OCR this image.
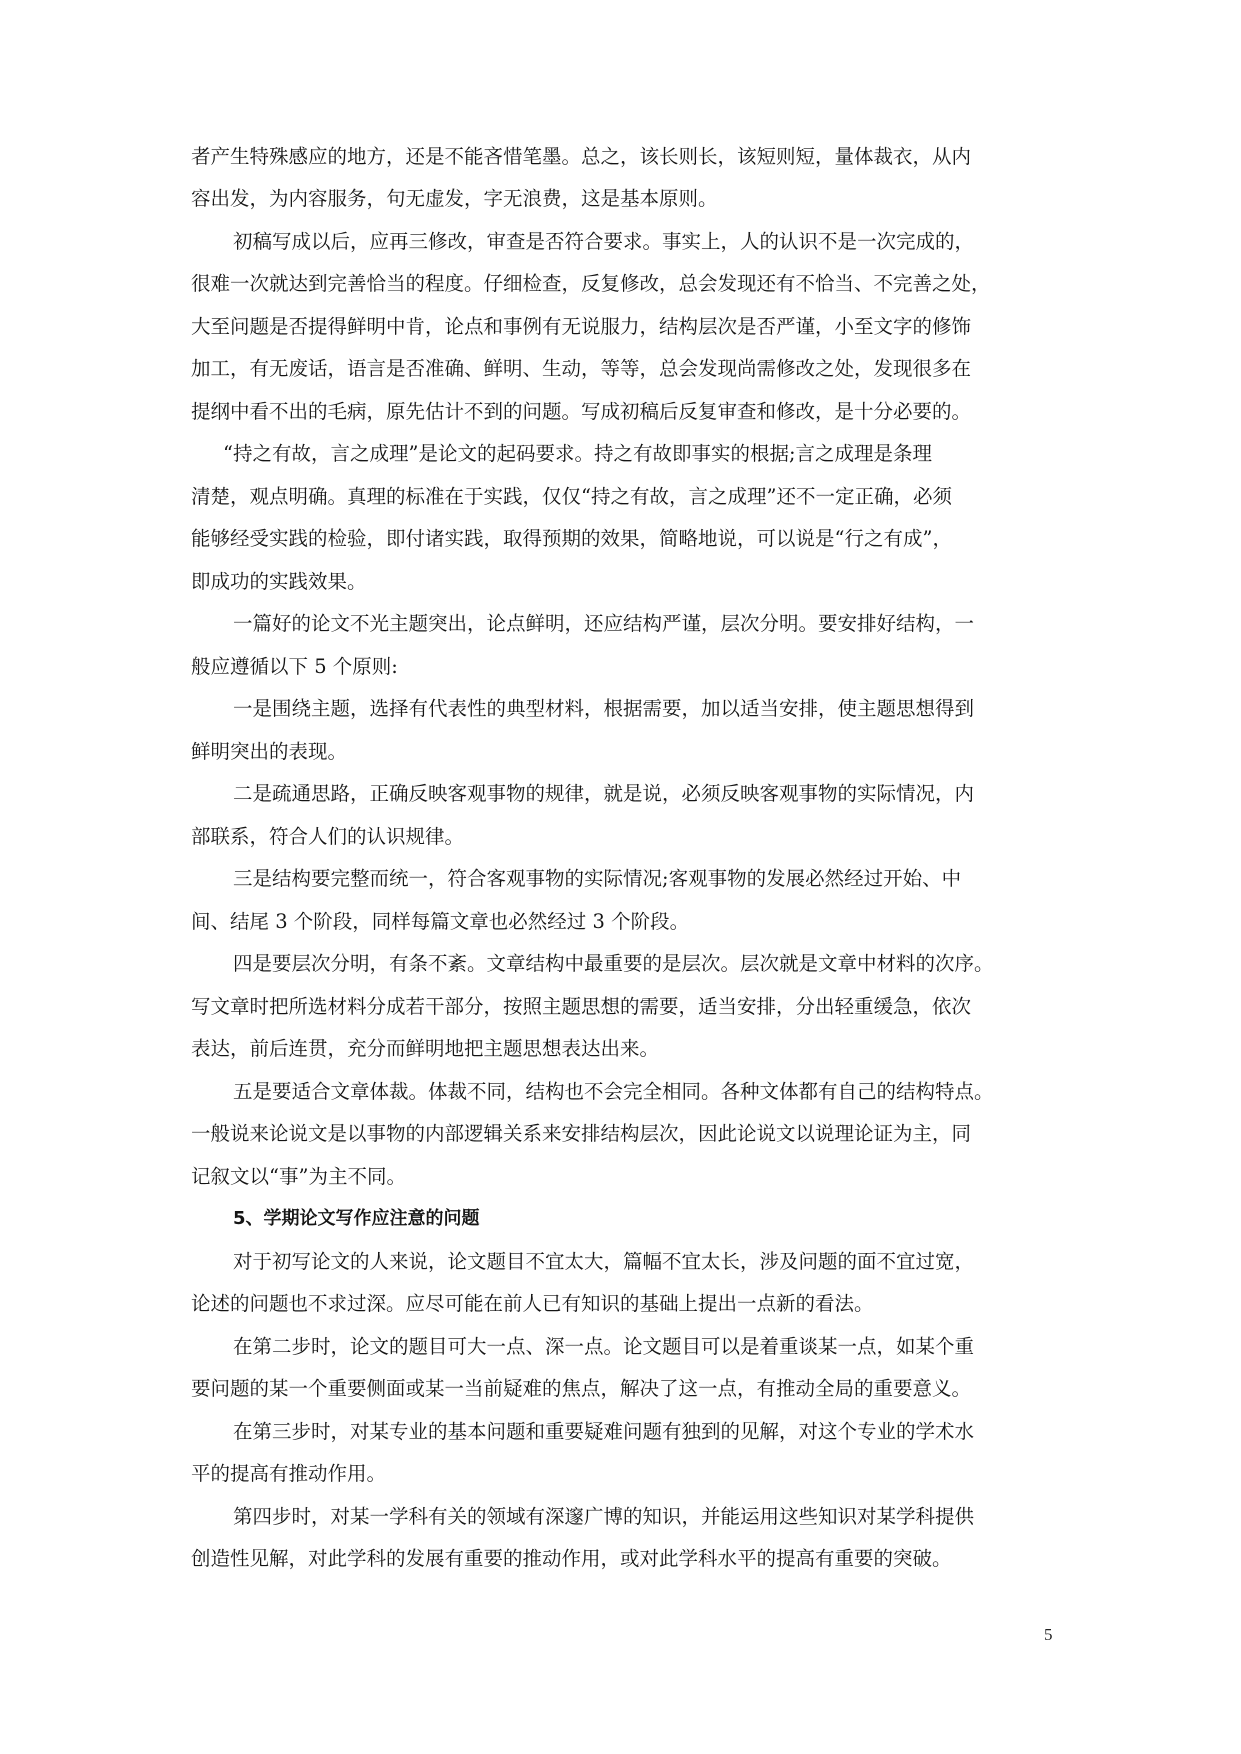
者产生特殊感应的地方，还是不能吝惜笔墨。总之，该长则长，该短则短，量体裁衣，从内
容出发，为内容服务，句无虚发，字无浪费，这是基本原则。
初稿写成以后，应再三修改，审查是否符合要求。事实上，人的认识不是一次完成的，
很难一次就达到完善恰当的程度。仔细检查，反复修改，总会发现还有不恰当、不完善之处，
大至问题是否提得鲜明中肯，论点和事例有无说服力，结构层次是否严谨，小至文字的修饰
加工，有无废话，语言是否准确、鲜明、生动，等等，总会发现尚需修改之处，发现很多在
提纲中看不出的毛病，原先估计不到的问题。写成初稿后反复审查和修改，是十分必要的。
“持之有故，言之成理”是论文的起码要求。持之有故即事实的根据;言之成理是条理
清楚，观点明确。真理的标准在于实践，仅仅“持之有故，言之成理”还不一定正确，必须
能够经受实践的检验，即付诸实践，取得预期的效果，简略地说，可以说是“行之有成”，
即成功的实践效果。
一篇好的论文不光主题突出，论点鲜明，还应结构严谨，层次分明。要安排好结构，一
般应遵循以下 5 个原则:
一是围绕主题，选择有代表性的典型材料，根据需要，加以适当安排，使主题思想得到
鲜明突出的表现。
二是疏通思路，正确反映客观事物的规律，就是说，必须反映客观事物的实际情况，内
部联系，符合人们的认识规律。
三是结构要完整而统一，符合客观事物的实际情况;客观事物的发展必然经过开始、中
间、结尾 3 个阶段，同样每篇文章也必然经过 3 个阶段。
四是要层次分明，有条不紊。文章结构中最重要的是层次。层次就是文章中材料的次序。
写文章时把所选材料分成若干部分，按照主题思想的需要，适当安排，分出轻重缓急，依次
表达，前后连贯，充分而鲜明地把主题思想表达出来。
五是要适合文章体裁。体裁不同，结构也不会完全相同。各种文体都有自己的结构特点。
一般说来论说文是以事物的内部逻辑关系来安排结构层次，因此论说文以说理论证为主，同
记叙文以“事”为主不同。
5、学期论文写作应注意的问题
对于初写论文的人来说，论文题目不宜太大，篇幅不宜太长，涉及问题的面不宜过宽，
论述的问题也不求过深。应尽可能在前人已有知识的基础上提出一点新的看法。
在第二步时，论文的题目可大一点、深一点。论文题目可以是着重谈某一点，如某个重
要问题的某一个重要侧面或某一当前疑难的焦点，解决了这一点，有推动全局的重要意义。
在第三步时，对某专业的基本问题和重要疑难问题有独到的见解，对这个专业的学术水
平的提高有推动作用。
第四步时，对某一学科有关的领域有深邃广博的知识，并能运用这些知识对某学科提供
创造性见解，对此学科的发展有重要的推动作用，或对此学科水平的提高有重要的突破。
5
